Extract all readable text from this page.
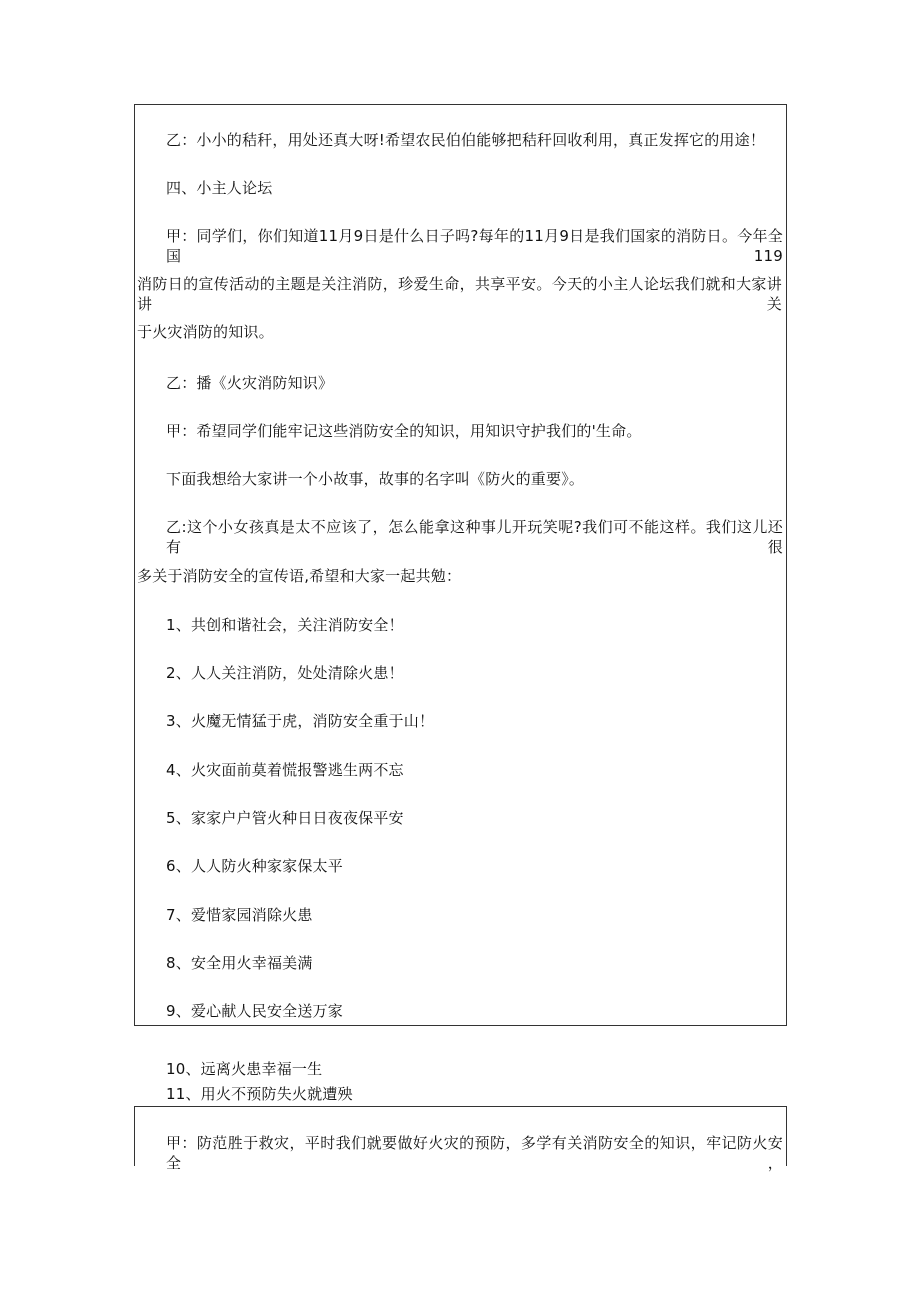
乙：小小的秸秆，用处还真大呀!希望农民伯伯能够把秸秆回收利用，真正发挥它的用途！
四、小主人论坛
甲：同学们，你们知道11月9日是什么日子吗?每年的11月9日是我们国家的消防日。今年全国119
消防日的宣传活动的主题是关注消防，珍爱生命，共享平安。今天的小主人论坛我们就和大家讲讲关
于火灾消防的知识。
乙：播《火灾消防知识》
甲：希望同学们能牢记这些消防安全的知识，用知识守护我们的'生命。
下面我想给大家讲一个小故事，故事的名字叫《防火的重要》。
乙:这个小女孩真是太不应该了，怎么能拿这种事儿开玩笑呢?我们可不能这样。我们这儿还有很
多关于消防安全的宣传语,希望和大家一起共勉：
1、共创和谐社会，关注消防安全！
2、人人关注消防，处处清除火患！
3、火魔无情猛于虎，消防安全重于山！
4、火灾面前莫着慌报警逃生两不忘
5、家家户户管火种日日夜夜保平安
6、人人防火种家家保太平
7、爱惜家园消除火患
8、安全用火幸福美满
9、爱心献人民安全送万家
10、远离火患幸福一生
11、用火不预防失火就遭殃
甲：防范胜于救灾，平时我们就要做好火灾的预防，多学有关消防安全的知识，牢记防火安全，
